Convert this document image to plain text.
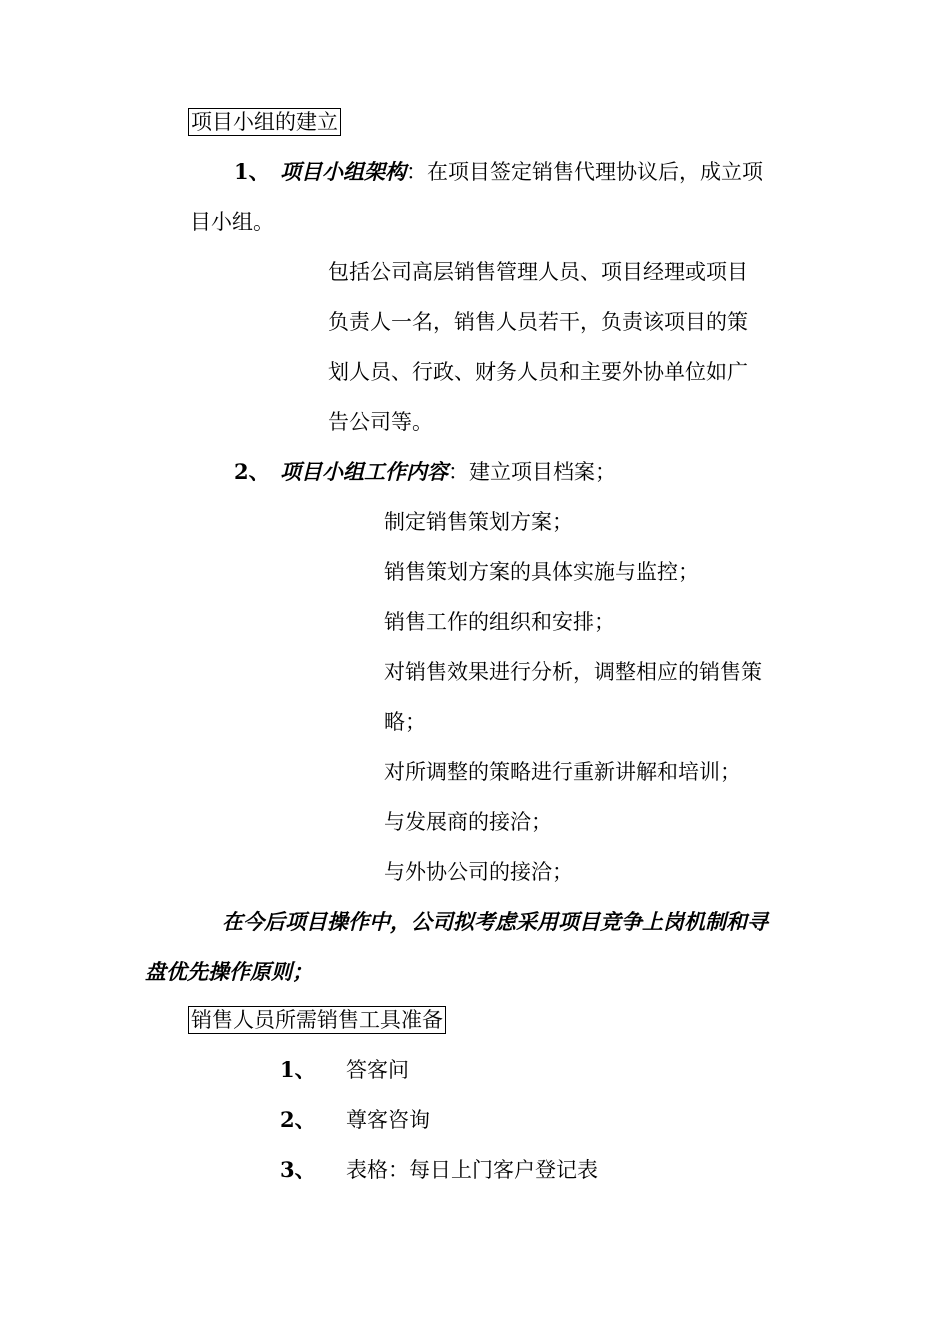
项目小组的建立
1、 项目小组架构：在项目签定销售代理协议后，成立项
目小组。
包括公司高层销售管理人员、项目经理或项目
负责人一名，销售人员若干，负责该项目的策
划人员、行政、财务人员和主要外协单位如广
告公司等。
2、 项目小组工作内容：建立项目档案；
制定销售策划方案；
销售策划方案的具体实施与监控；
销售工作的组织和安排；
对销售效果进行分析，调整相应的销售策
略；
对所调整的策略进行重新讲解和培训；
与发展商的接洽；
与外协公司的接洽；
在今后项目操作中，公司拟考虑采用项目竞争上岗机制和寻
盘优先操作原则；
销售人员所需销售工具准备
1、 答客问
2、 尊客咨询
3、 表格：每日上门客户登记表
